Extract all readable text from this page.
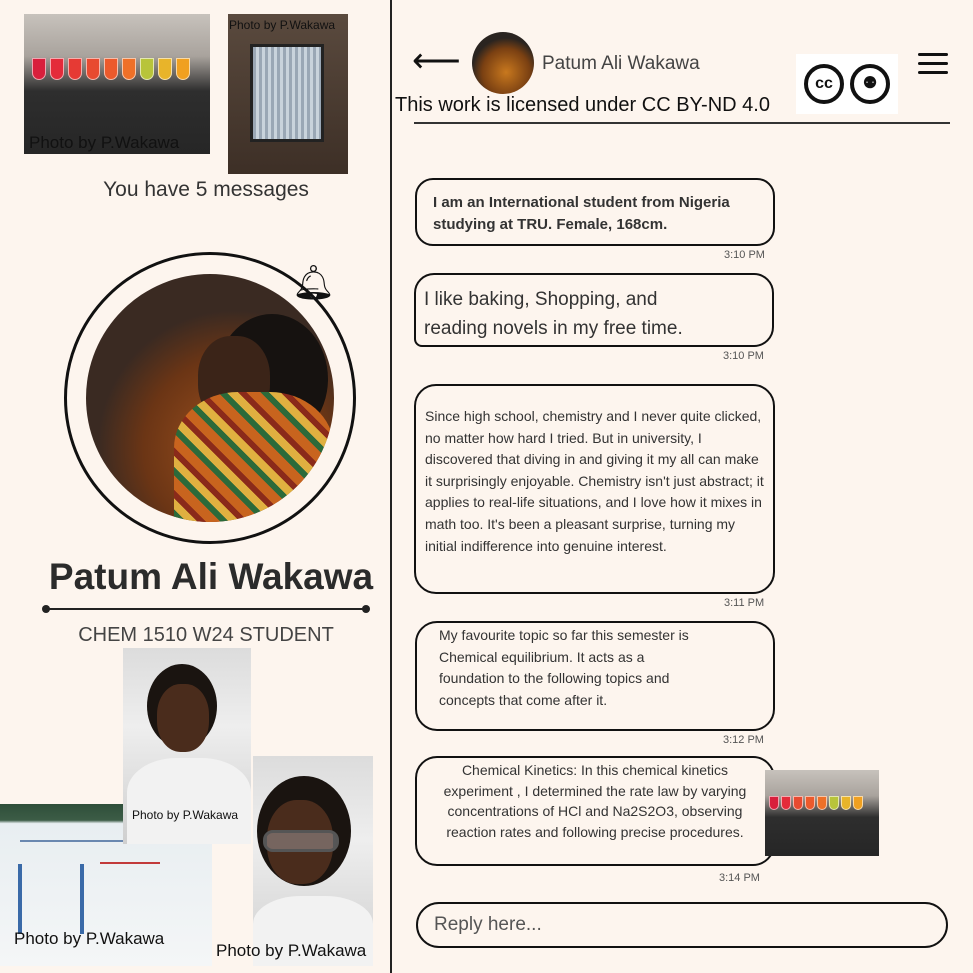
Photo by P.Wakawa
Photo by P.Wakawa
You have 5 messages
🔔︎
Patum Ali Wakawa
CHEM 1510 W24 STUDENT
Photo by P.Wakawa
Photo by P.Wakawa
Photo by P.Wakawa
⟵	Patum Ali Wakawa
cc	⚉
This work is licensed under CC BY-ND 4.0
I am an International student from Nigeria studying at TRU. Female, 168cm.
3:10 PM
I like baking, Shopping, and reading novels in my free time.
3:10 PM
Since high school, chemistry and I never quite clicked, no matter how hard I tried. But in university, I discovered that diving in and giving it my all can make it surprisingly enjoyable. Chemistry isn't just abstract; it applies to real-life situations, and I love how it mixes in math too. It's been a pleasant surprise, turning my initial indifference into genuine interest.
3:11 PM
My favourite topic so far this semester is Chemical equilibrium. It acts as a foundation to the following topics and concepts that come after it.
3:12 PM
Chemical Kinetics: In this chemical kinetics experiment , I determined the rate law by varying concentrations of HCl and Na2S2O3, observing reaction rates and following precise procedures.
3:14 PM
Reply here...
